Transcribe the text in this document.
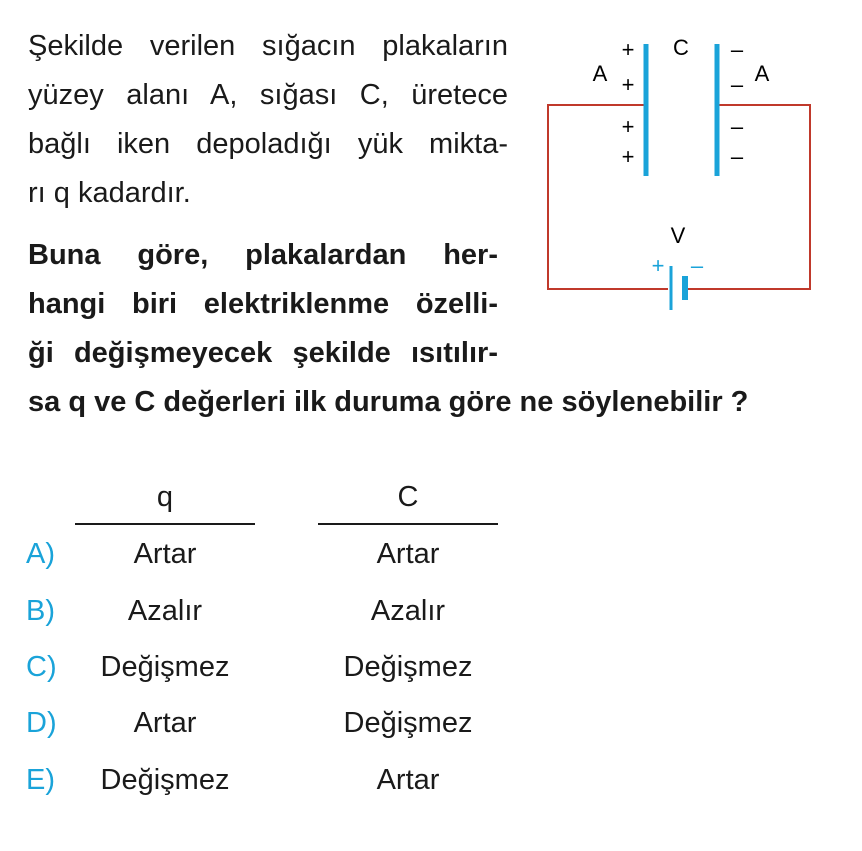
Şekilde verilen sığacın plakaların
yüzey alanı A, sığası C, üretece
bağlı iken depoladığı yük mikta-
rı q kadardır.
Buna göre, plakalardan her-
hangi biri elektriklenme özelli-
ği değişmeyecek şekilde ısıtılır-
sa q ve C değerleri ilk duruma göre ne söylenebilir ?
+
+
+
+
–
–
–
–
A	A
C
V
+ –
q	C
A)	Artar	Artar
B)	Azalır	Azalır
C)	Değişmez	Değişmez
D)	Artar	Değişmez
E)	Değişmez	Artar
